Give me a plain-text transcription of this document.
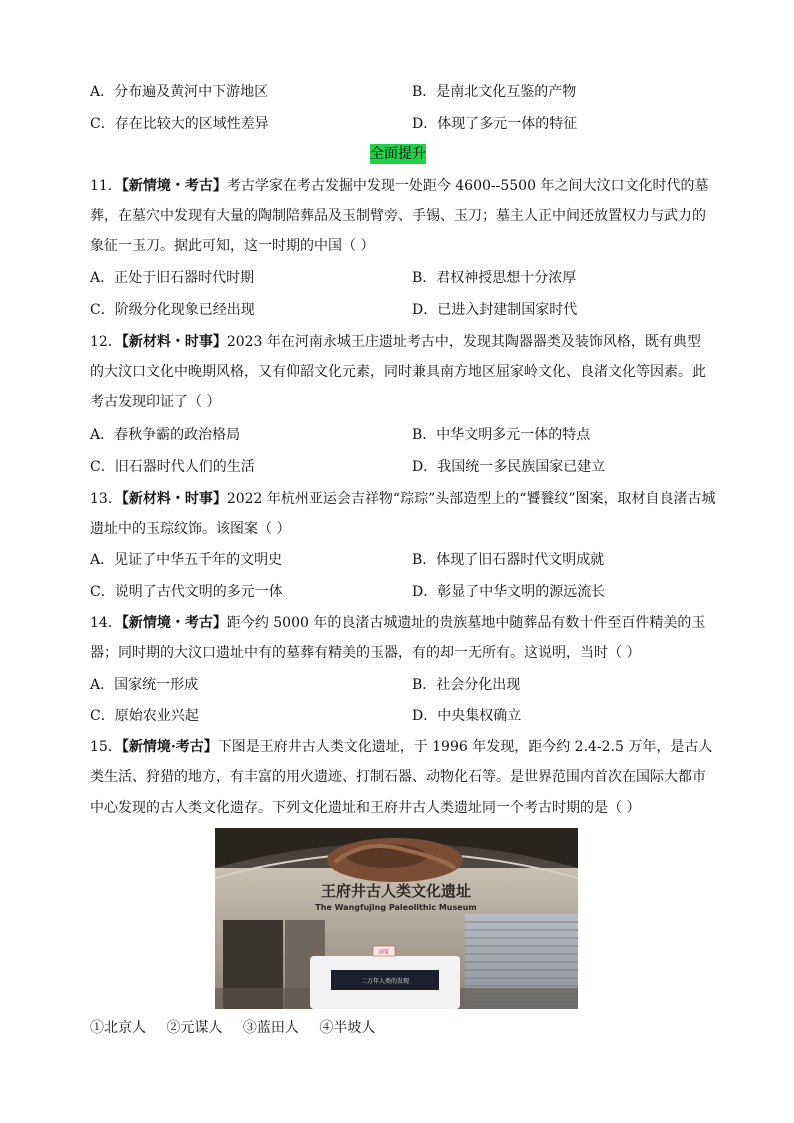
A．分布遍及黄河中下游地区	B．是南北文化互鉴的产物
C．存在比较大的区域性差异	D．体现了多元一体的特征
全面提升
11．【新情境・考古】考古学家在考古发掘中发现一处距今 4600--5500 年之间大汶口文化时代的墓
葬，在墓穴中发现有大量的陶制陪葬品及玉制臂旁、手锡、玉刀；墓主人正中间还放置权力与武力的
象征一玉刀。据此可知，这一时期的中国（ ）
A．正处于旧石器时代时期	B．君权神授思想十分浓厚
C．阶级分化现象已经出现	D．已进入封建制国家时代
12．【新材料・时事】2023 年在河南永城王庄遗址考古中，发现其陶器器类及装饰风格，既有典型
的大汶口文化中晚期风格，又有仰韶文化元素，同时兼具南方地区屈家岭文化、良渚文化等因素。此
考古发现印证了（ ）
A．春秋争霸的政治格局	B．中华文明多元一体的特点
C．旧石器时代人们的生活	D．我国统一多民族国家已建立
13．【新材料・时事】2022 年杭州亚运会吉祥物“琮琮”头部造型上的“饕餮纹”图案，取材自良渚古城
遗址中的玉琮纹饰。该图案（ ）
A．见证了中华五千年的文明史	B．体现了旧石器时代文明成就
C．说明了古代文明的多元一体	D．彰显了中华文明的源远流长
14．【新情境・考古】距今约 5000 年的良渚古城遗址的贵族墓地中随葬品有数十件至百件精美的玉
器；同时期的大汶口遗址中有的墓葬有精美的玉器，有的却一无所有。这说明，当时（ ）
A．国家统一形成	B．社会分化出现
C．原始农业兴起	D．中央集权确立
15．【新情境·考古】下图是王府井古人类文化遗址，于 1996 年发现，距今约 2.4-2.5 万年，是古人
类生活、狩猎的地方，有丰富的用火遗迹、打制石器、动物化石等。是世界范围内首次在国际大都市
中心发现的古人类文化遗存。下列文化遗址和王府井古人类遗址同一个考古时期的是（ ）
王府井古人类文化遗址
The Wangfujing Paleolithic Museum
二万年人类的发现
展览
①北京人 ②元谋人 ③蓝田人 ④半坡人
